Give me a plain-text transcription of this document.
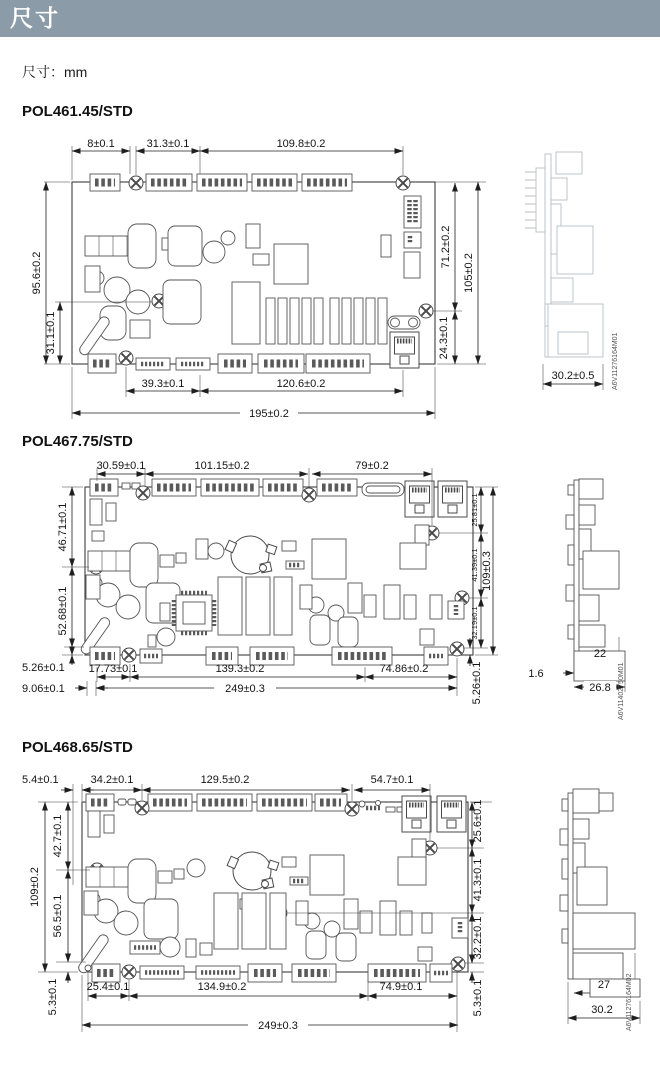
尺寸
尺寸：mm
POL461.45/STD
POL467.75/STD
POL468.65/STD
8±0.1	31.3±0.1	109.8±0.2
95.6±0.2
31.1±0.1
71.2±0.2
24.3±0.1
105±0.2
39.3±0.1	120.6±0.2
195±0.2
30.2±0.5	A6V11276164M01
30.59±0.1	101.15±0.2	79±0.2
46.71±0.1
52.68±0.1
5.26±0.1
9.06±0.1
17.73±0.1	139.3±0.2	74.86±0.2
249±0.3
25.81±0.1
41.39±0.1
32.19±0.1
109±0.3
5.26±0.1	1.6
22
26.8 A6V11402750M01
5.4±0.1	34.2±0.1	129.5±0.2	54.7±0.1
109±0.2
42.7±0.1
56.5±0.1
5.3±0.1
25.6±0.1
41.3±0.1
32.2±0.1
5.3±0.1
25.4±0.1	134.9±0.2	74.9±0.1
249±0.3
27
30.2 A6V11276164M02
